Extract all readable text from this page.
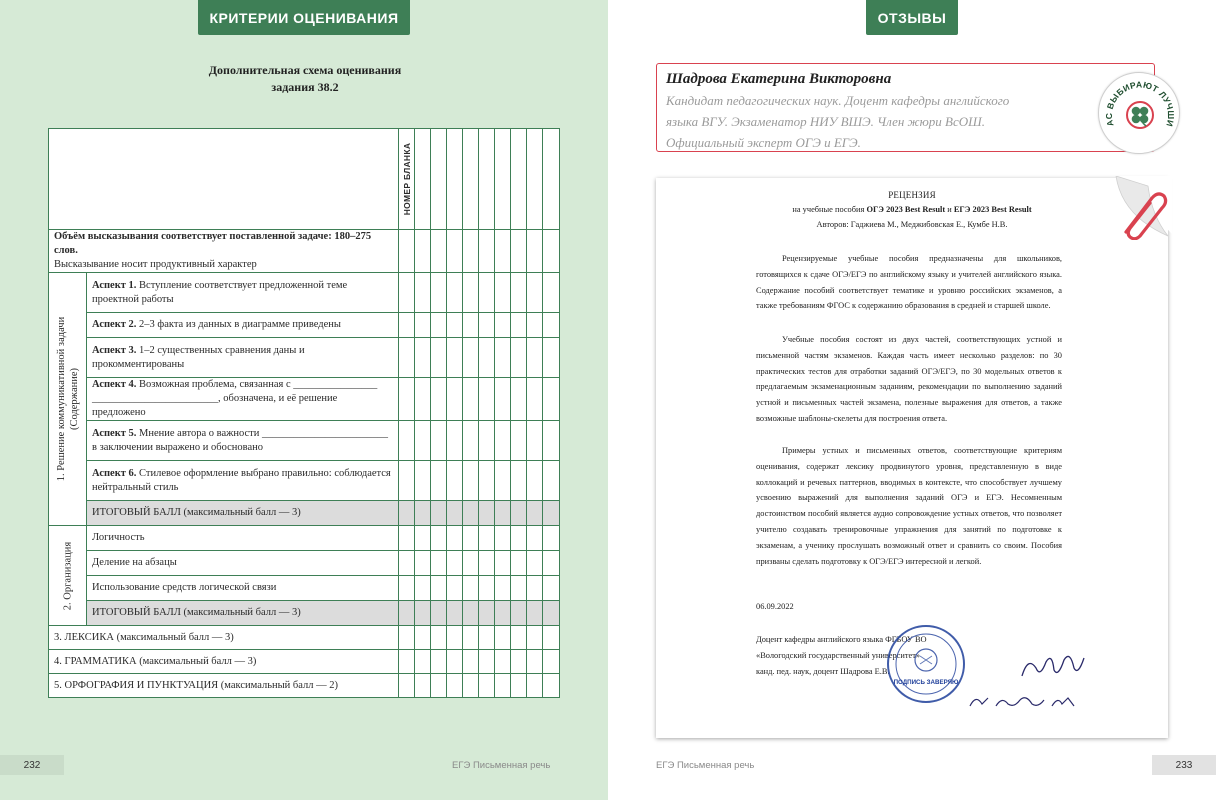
КРИТЕРИИ ОЦЕНИВАНИЯ
Дополнительная схема оценивания
задания 38.2

		НОМЕР БЛАНКА									

Объём высказывания соответствует поставленной задаче: 180–275 слов.
Высказывание носит продуктивный характер											

1. Решение коммуникативной задачи (Содержание)	Аспект 1. Вступление соответствует предложенной теме проектной работы										
	Аспект 2. 2–3 факта из данных в диаграмме приведены										
	Аспект 3. 1–2 существенных сравнения даны и прокомментированы										
	Аспект 4. Возможная проблема, связанная с ________________ ________________________, обозначена, и её решение предложено										
	Аспект 5. Мнение автора о важности ________________________ в заключении выражено и обосновано										
	Аспект 6. Стилевое оформление выбрано правильно: соблюдается нейтральный стиль										
	ИТОГОВЫЙ БАЛЛ (максимальный балл — 3)										

2. Организация	Логичность										
	Деление на абзацы										
	Использование средств логической связи										
	ИТОГОВЫЙ БАЛЛ (максимальный балл — 3)										
3. ЛЕКСИКА (максимальный балл — 3)											
4. ГРАММАТИКА (максимальный балл — 3)											
5. ОРФОГРАФИЯ И ПУНКТУАЦИЯ (максимальный балл — 2)											
232	ЕГЭ Письменная речь
ОТЗЫВЫ
Шадрова Екатерина Викторовна
Кандидат педагогических наук. Доцент кафедры английского
языка ВГУ. Экзаменатор НИУ ВШЭ. Член жюри ВсОШ.
Официальный эксперт ОГЭ и ЕГЭ.
АС ВЫБИРАЮТ ЛУЧШИ
РЕЦЕНЗИЯ
на учебные пособия ОГЭ 2023 Best Result и ЕГЭ 2023 Best Result
Авторов: Гаджиева М., Меджибовская Е., Кумбе Н.В.
Рецензируемые учебные пособия предназначены для школьников, готовящихся к сдаче ОГЭ/ЕГЭ по английскому языку и учителей английского языка. Содержание пособий соответствует тематике и уровню российских экзаменов, а также требованиям ФГОС к содержанию образования в средней и старшей школе.
Учебные пособия состоят из двух частей, соответствующих устной и письменной частям экзаменов. Каждая часть имеет несколько разделов: по 30 практических тестов для отработки заданий ОГЭ/ЕГЭ, по 30 модельных ответов к предлагаемым экзаменационным заданиям, рекомендации по выполнению заданий устной и письменных частей экзамена, полезные выражения для ответов, а также возможные шаблоны-скелеты для построения ответа.
Примеры устных и письменных ответов, соответствующие критериям оценивания, содержат лексику продвинутого уровня, представленную в виде коллокаций и речевых паттернов, вводимых в контексте, что способствует лучшему усвоению выражений для выполнения заданий ОГЭ и ЕГЭ. Несомненным достоинством пособий является аудио сопровождение устных ответов, что позволяет учителю создавать тренировочные упражнения для занятий по подготовке к экзаменам, а ученику прослушать возможный ответ и сравнить со своим. Пособия призваны сделать подготовку к ОГЭ/ЕГЭ интересной и легкой.
06.09.2022
Доцент кафедры английского языка ФГБОУ ВО
«Вологодский государственный университет»
канд. пед. наук, доцент Шадрова Е.В.
ПОДПИСЬ ЗАВЕРЯЮ
ЕГЭ Письменная речь	233
